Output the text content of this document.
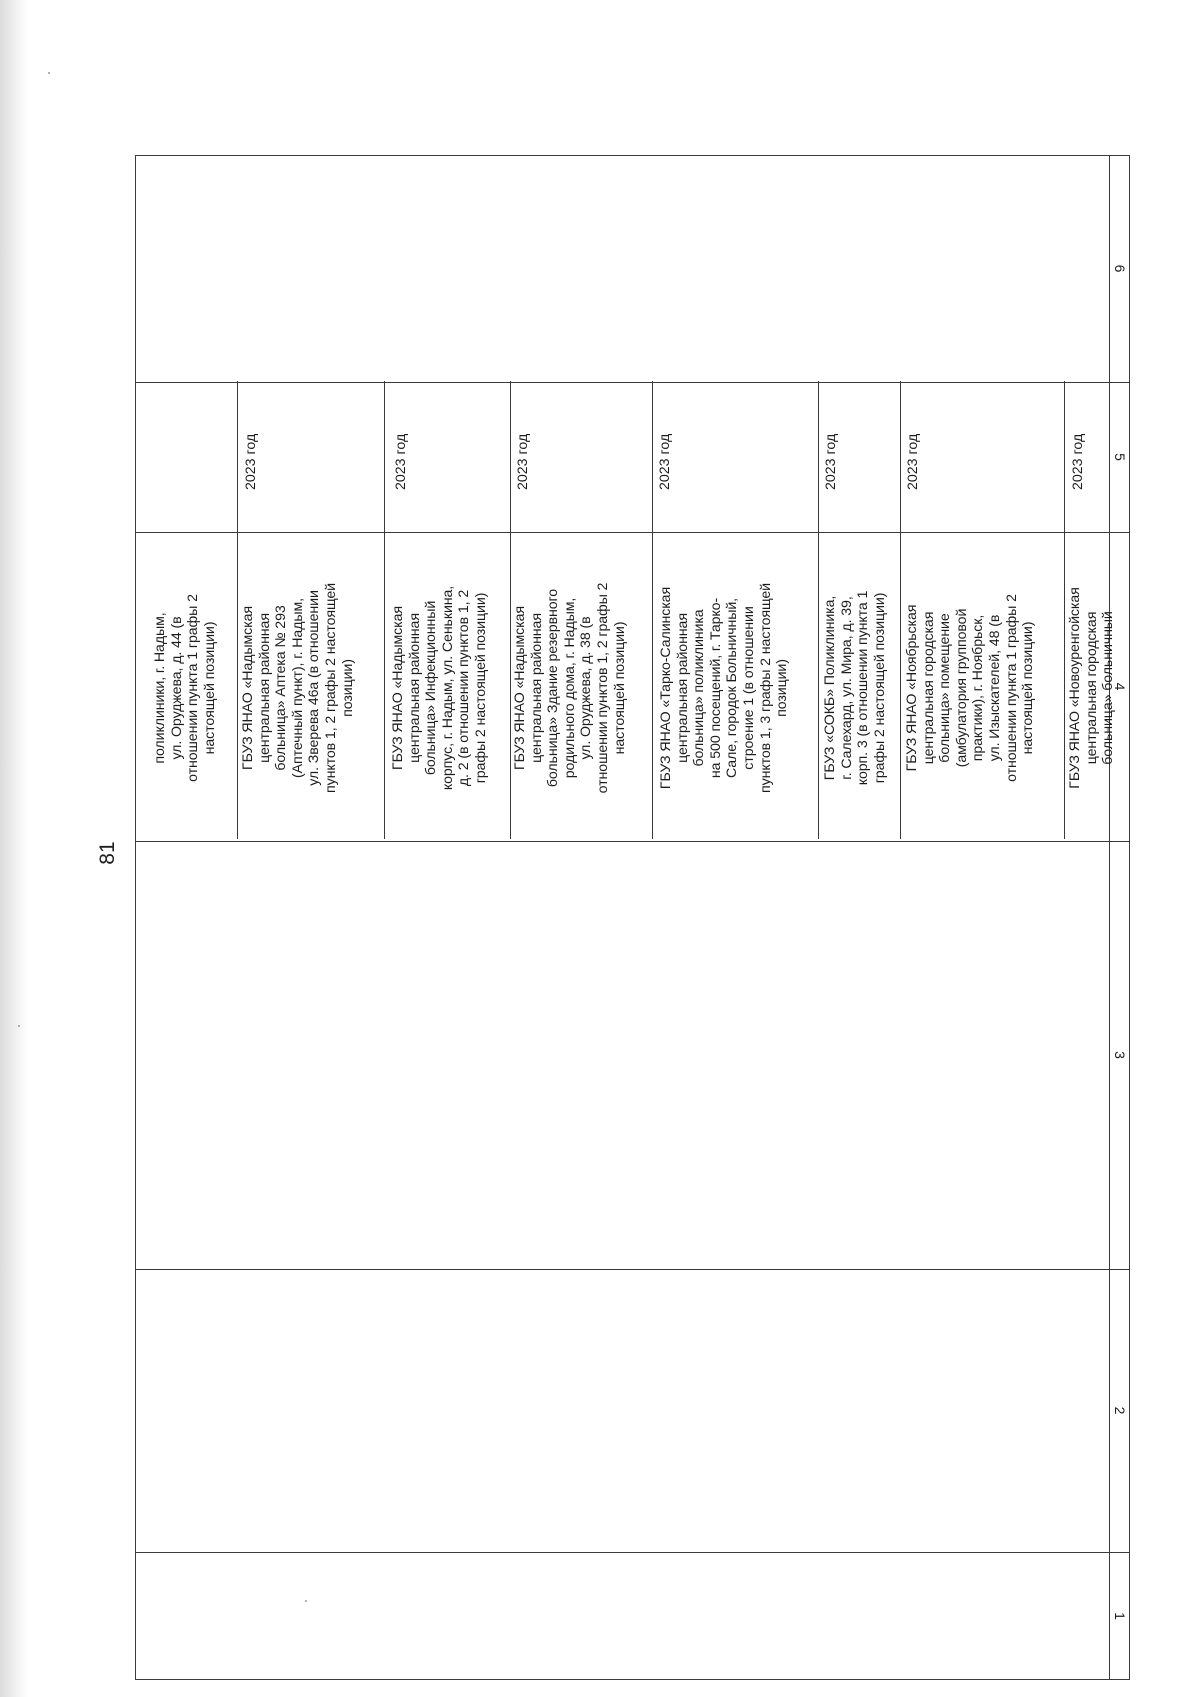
81
6
5
4
3
2
1
поликлиники, г. Надым,
ул. Оруджева, д. 44 (в
отношении пункта 1 графы 2
настоящей позиции)
ГБУЗ ЯНАО «Надымская
центральная районная
больница» Аптека № 293
(Аптечный пункт), г. Надым,
ул. Зверева 46а (в отношении
пунктов 1, 2 графы 2 настоящей
позиции)
2023 год
ГБУЗ ЯНАО «Надымская
центральная районная
больница» Инфекционный
корпус, г. Надым, ул. Сенькина,
д. 2 (в отношении пунктов 1, 2
графы 2 настоящей позиции)
2023 год
ГБУЗ ЯНАО «Надымская
центральная районная
больница» Здание резервного
родильного дома, г. Надым,
ул. Оруджева, д. 38 (в
отношении пунктов 1, 2 графы 2
настоящей позиции)
2023 год
ГБУЗ ЯНАО «Тарко-Салинская
центральная районная
больница» поликлиника
на 500 посещений, г. Тарко-
Сале, городок Больничный,
строение 1 (в отношении
пунктов 1, 3 графы 2 настоящей
позиции)
2023 год
ГБУЗ «СОКБ» Поликлиника,
г. Салехард, ул. Мира, д. 39,
корп. 3 (в отношении пункта 1
графы 2 настоящей позиции)
2023 год
ГБУЗ ЯНАО «Ноябрьская
центральная городская
больница» помещение
(амбулатория групповой
практики), г. Ноябрьск,
ул. Изыскателей, 48 (в
отношении пункта 1 графы 2
настоящей позиции)
2023 год
ГБУЗ ЯНАО «Новоуренгойская
центральная городская
больница» больничный
2023 год
